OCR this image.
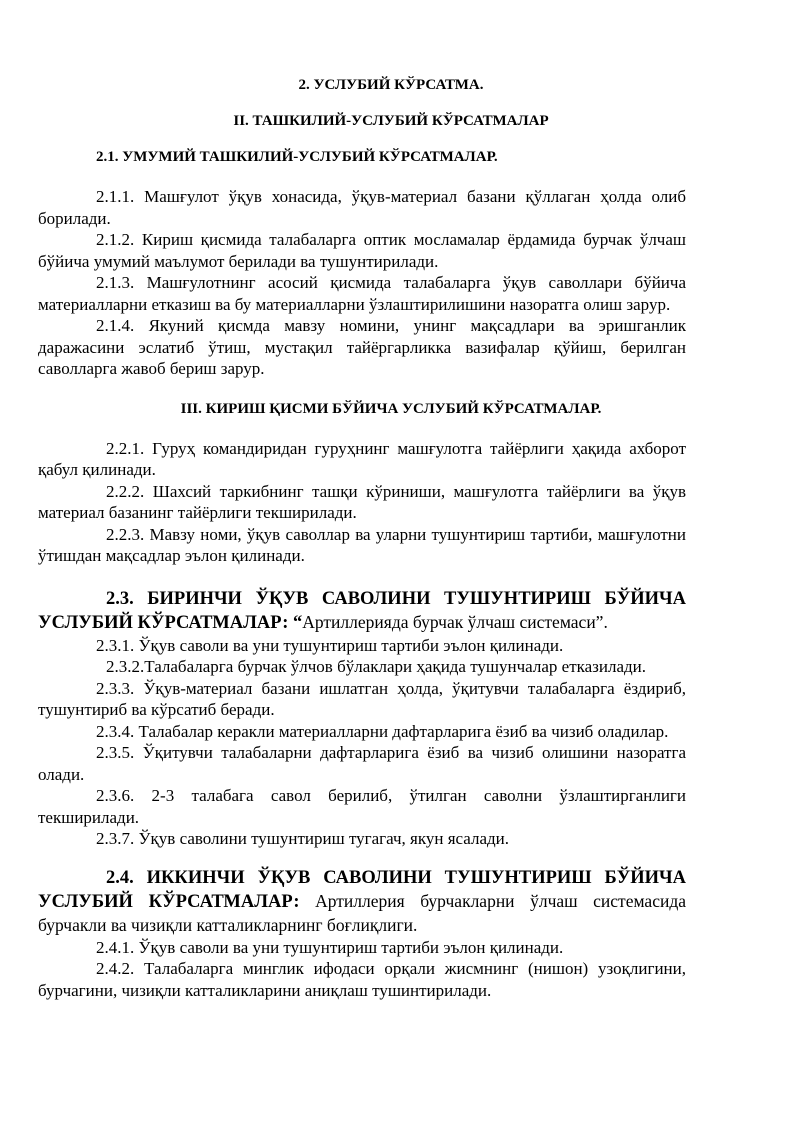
2. УСЛУБИЙ КЎРСАТМА.

II. ТАШКИЛИЙ-УСЛУБИЙ КЎРСАТМАЛАР

2.1. УМУМИЙ ТАШКИЛИЙ-УСЛУБИЙ КЎРСАТМАЛАР.

2.1.1. Машғулот ўқув хонасида, ўқув-материал базани қўллаган ҳолда олиб борилади.

2.1.2. Кириш қисмида талабаларга оптик мосламалар ёрдамида бурчак ўлчаш бўйича умумий маълумот берилади ва тушунтирилади.

2.1.3. Машғулотнинг асосий қисмида талабаларга ўқув саволлари бўйича материалларни етказиш ва бу материалларни ўзлаштирилишини назоратга олиш зарур.

2.1.4. Якуний қисмда мавзу номини, унинг мақсадлари ва эришганлик даражасини эслатиб ўтиш, мустақил тайёргарликка вазифалар қўйиш, берилган саволларга жавоб бериш зарур.

III. КИРИШ ҚИСМИ БЎЙИЧА УСЛУБИЙ КЎРСАТМАЛАР.

2.2.1. Гуруҳ командиридан гуруҳнинг машғулотга тайёрлиги ҳақида ахборот қабул қилинади.

2.2.2. Шахсий таркибнинг ташқи кўриниши, машғулотга тайёрлиги ва ўқув материал базанинг тайёрлиги текширилади.

2.2.3. Мавзу номи, ўқув саволлар ва уларни тушунтириш тартиби, машғулотни ўтишдан мақсадлар эълон қилинади.

2.3. БИРИНЧИ ЎҚУВ САВОЛИНИ ТУШУНТИРИШ БЎЙИЧА УСЛУБИЙ КЎРСАТМАЛАР: “Артиллерияда бурчак ўлчаш системаси”.

2.3.1. Ўқув саволи ва уни тушунтириш тартиби эълон қилинади.

2.3.2.Талабаларга бурчак ўлчов бўлаклари ҳақида тушунчалар етказилади.

2.3.3. Ўқув-материал базани ишлатган ҳолда, ўқитувчи талабаларга ёздириб, тушунтириб ва кўрсатиб беради.

2.3.4. Талабалар керакли материалларни дафтарларига ёзиб ва чизиб оладилар.

2.3.5. Ўқитувчи талабаларни дафтарларига ёзиб ва чизиб олишини назоратга олади.

2.3.6. 2-3 талабага савол берилиб, ўтилган саволни ўзлаштирганлиги текширилади.

2.3.7. Ўқув саволини тушунтириш тугагач, якун ясалади.

2.4. ИККИНЧИ ЎҚУВ САВОЛИНИ ТУШУНТИРИШ БЎЙИЧА УСЛУБИЙ КЎРСАТМАЛАР: Артиллерия бурчакларни ўлчаш системасида бурчакли ва чизиқли катталикларнинг боғлиқлиги.

2.4.1. Ўқув саволи ва уни тушунтириш тартиби эълон қилинади.

2.4.2. Талабаларга минглик ифодаси орқали жисмнинг (нишон) узоқлигини, бурчагини, чизиқли катталикларини аниқлаш тушинтирилади.
